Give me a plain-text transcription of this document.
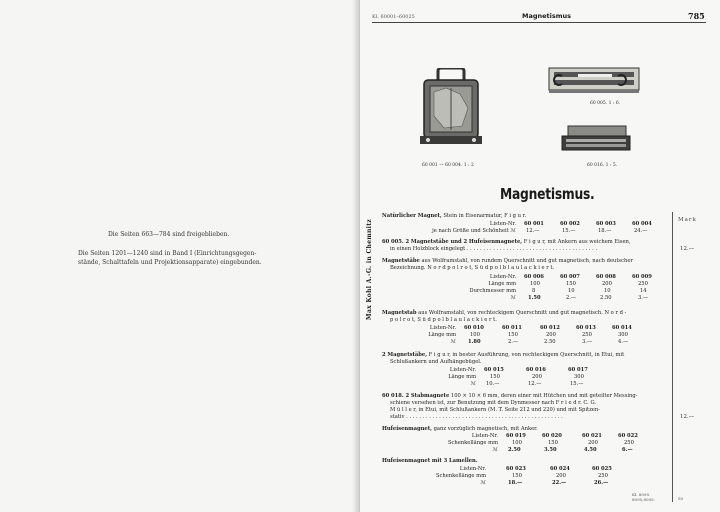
Die Seiten 663—784 sind freigeblieben.
Die Seiten 1201—1240 sind in Band I (Einrichtungsgegen-
stände, Schalttafeln und Projektionsapparate) eingebunden.
Kl. 60001–60025	Magnetismus	785
60 001 — 60 004. 1 : 2
60 005. 1 : 6.
60 016. 1 : 5.
Magnetismus.
Max Kohl A.-G. in Chemnitz	Mark
Natürlicher Magnet, Stein in Eisenarmatur, F i g u r.
Listen-Nr. 60 001	60 002	60 003	60 004
je nach Größe und Schönheit ℳ 12.—	15.—	18.—	24.—
60 005. 2 Magnetstäbe und 2 Hufeisenmagnete, F i g u r, mit Ankern aus weichem Eisen,
in einen Holzblock eingelegt . . . . . . . . . . . . . . . . . . . . . . . . . . . . . . . . . . . . . . . .	12.—
Magnetstäbe aus Wolframstahl, von rundem Querschnitt und gut magnetisch, nach deutscher
Bezeichnung. N o r d p o l r o t, S ü d p o l b l a u l a c k i e r t.
Listen-Nr. 60 006	60 007	60 008	60 009
Länge mm	100	150	200	250
Durchmesser mm	8	10	10	14
ℳ 1.50	2.—	2.50	3.—
Magnetstab aus Wolframstahl, von rechteckigem Querschnitt und gut magnetisch. N o r d -
p o l r o t, S ü d p o l b l a u l a c k i e r t.
Listen-Nr. 60 010	60 011	60 012	60 013	60 014
Länge mm	100	150	200	250	300
ℳ 1.80	2.—	2.50	3.—	4.—
2 Magnetstäbe, F i g u r, in bester Ausführung, von rechteckigem Querschnitt, in Etui, mit
Schlußankern und Aufhängebügel.
Listen-Nr. 60 015	60 016	60 017
Länge mm	150	200	300
ℳ 10.—	12.—	15.—
60 018. 2 Stabmagnete 100 × 10 × 6 mm, deren einer mit Hütchen und mit geteilter Messing-
schiene versehen ist, zur Benutzung mit dem Dynmesser nach F r i e d r. C. G.
M ü l l e r, in Etui, mit Schlußankern (M. T. Seite 212 und 220) und mit Spitzen-
stativ . . . . . . . . . . . . . . . . . . . . . . . . . . . . . . . . . . . . . . . . . . . . . . . .	12.—
Hufeisenmagnet, ganz vorzüglich magnetisch, mit Anker.
Listen-Nr. 60 019	60 020	60 021	60 022
Schenkellänge mm	100	150	200	250
ℳ 2.50	3.50	4.50	6.—
Hufeisenmagnet mit 3 Lamellen.
Listen-Nr.	60 023	60 024	60 025
Schenkellänge mm	150	200	250
ℳ	18.—	22.—	26.—
Kl. 8095.
8095,8095.	50
